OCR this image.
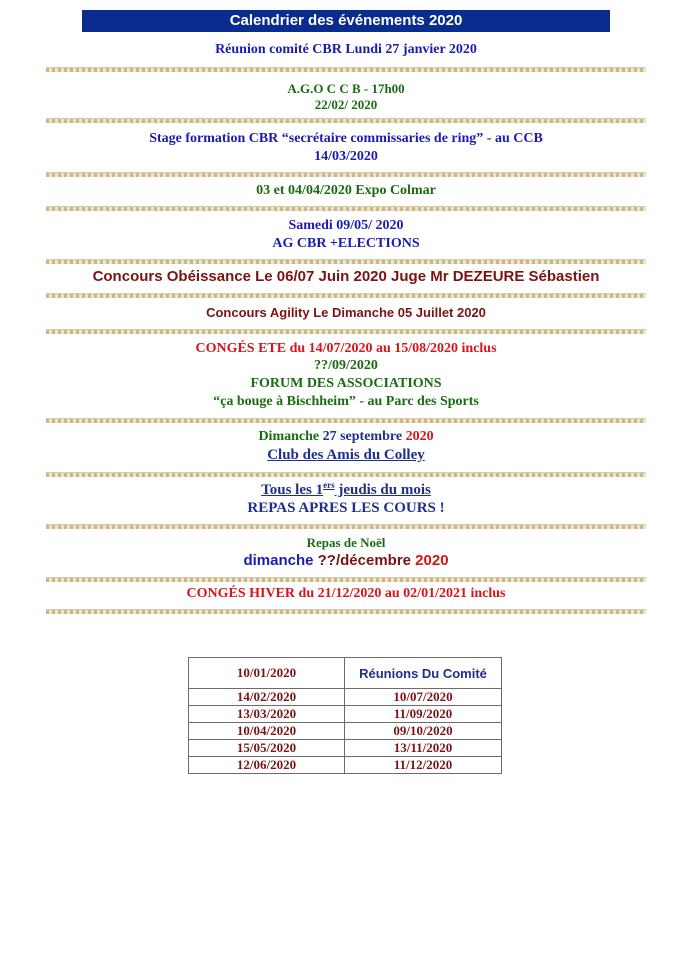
Calendrier des événements 2020
Réunion comité CBR Lundi 27 janvier 2020
A.G.O C C B - 17h00
22/02/ 2020
Stage formation CBR “secrétaire commissaries de ring” - au CCB
14/03/2020
03 et 04/04/2020 Expo Colmar
Samedi 09/05/ 2020
AG CBR +ELECTIONS
Concours Obéissance Le 06/07 Juin 2020 Juge Mr DEZEURE Sébastien
Concours Agility Le Dimanche 05 Juillet 2020
CONGÉS ETE du 14/07/2020 au 15/08/2020 inclus
??/09/2020
FORUM DES ASSOCIATIONS
“ça bouge à Bischheim” - au Parc des Sports
Dimanche 27 septembre 2020
Club des Amis du Colley
Tous les 1ers jeudis du mois
REPAS APRES LES COURS !
Repas de Noël
dimanche ??/décembre 2020
CONGÉS HIVER du 21/12/2020 au 02/01/2021 inclus
10/01/2020	Réunions Du Comité
14/02/2020	10/07/2020
13/03/2020	11/09/2020
10/04/2020	09/10/2020
15/05/2020	13/11/2020
12/06/2020	11/12/2020
